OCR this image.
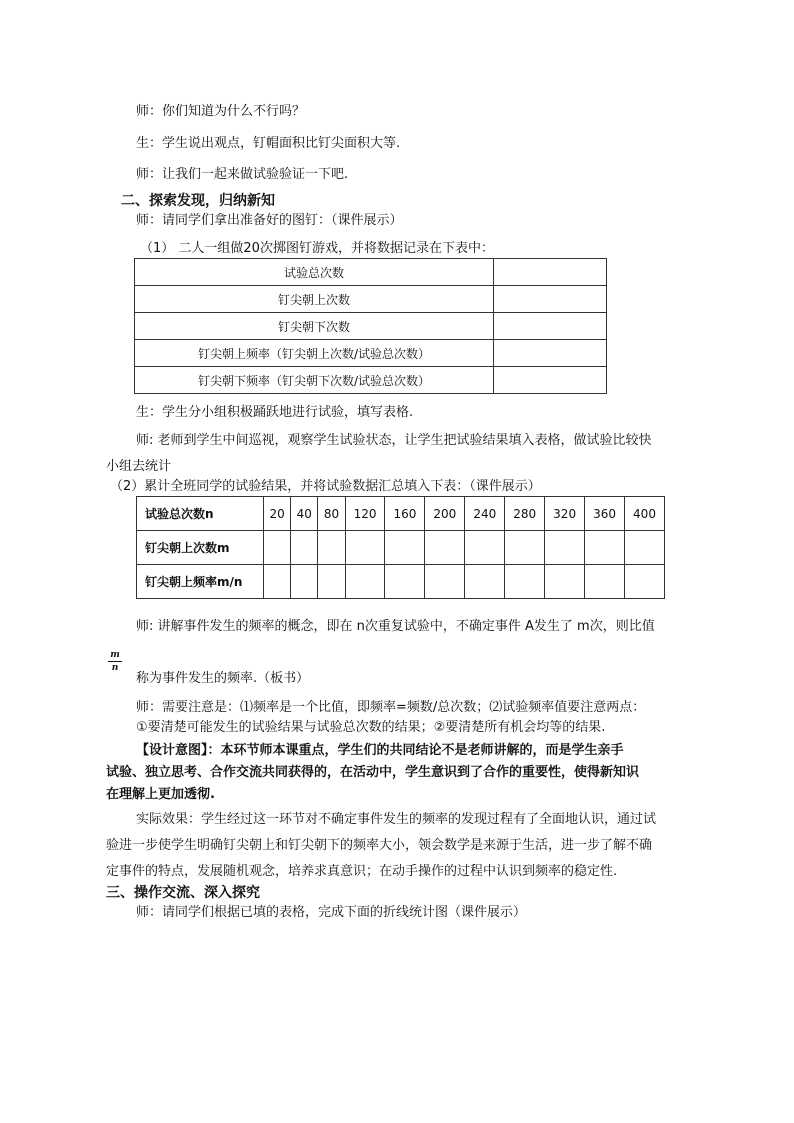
师：你们知道为什么不行吗？
生：学生说出观点，钉帽面积比钉尖面积大等.
师：让我们一起来做试验验证一下吧.
二、探索发现，归纳新知
师：请同学们拿出准备好的图钉：（课件展示）
（1） 二人一组做20次掷图钉游戏，并将数据记录在下表中：
试验总次数	
钉尖朝上次数	
钉尖朝下次数	
钉尖朝上频率（钉尖朝上次数/试验总次数）	
钉尖朝下频率（钉尖朝下次数/试验总次数）	
生：学生分小组积极踊跃地进行试验，填写表格.
师: 老师到学生中间巡视，观察学生试验状态，让学生把试验结果填入表格，做试验比较快
小组去统计
（2）累计全班同学的试验结果，并将试验数据汇总填入下表：（课件展示）
试验总次数n	20	40	80	120	160	200	240	280	320	360	400
钉尖朝上次数m											
钉尖朝上频率m/n											
师: 讲解事件发生的频率的概念，即在 n次重复试验中，不确定事件 A发生了 m次，则比值
m
n
称为事件发生的频率.（板书）
师：需要注意是：⑴频率是一个比值，即频率=频数/总次数；⑵试验频率值要注意两点：
①要清楚可能发生的试验结果与试验总次数的结果；②要清楚所有机会均等的结果.
【设计意图】：本环节师本课重点，学生们的共同结论不是老师讲解的，而是学生亲手
试验、独立思考、合作交流共同获得的，在活动中，学生意识到了合作的重要性，使得新知识
在理解上更加透彻.
实际效果：学生经过这一环节对不确定事件发生的频率的发现过程有了全面地认识，通过试
验进一步使学生明确钉尖朝上和钉尖朝下的频率大小，领会数学是来源于生活，进一步了解不确
定事件的特点，发展随机观念，培养求真意识；在动手操作的过程中认识到频率的稳定性.
三、操作交流、深入探究
师：请同学们根据已填的表格，完成下面的折线统计图（课件展示）
